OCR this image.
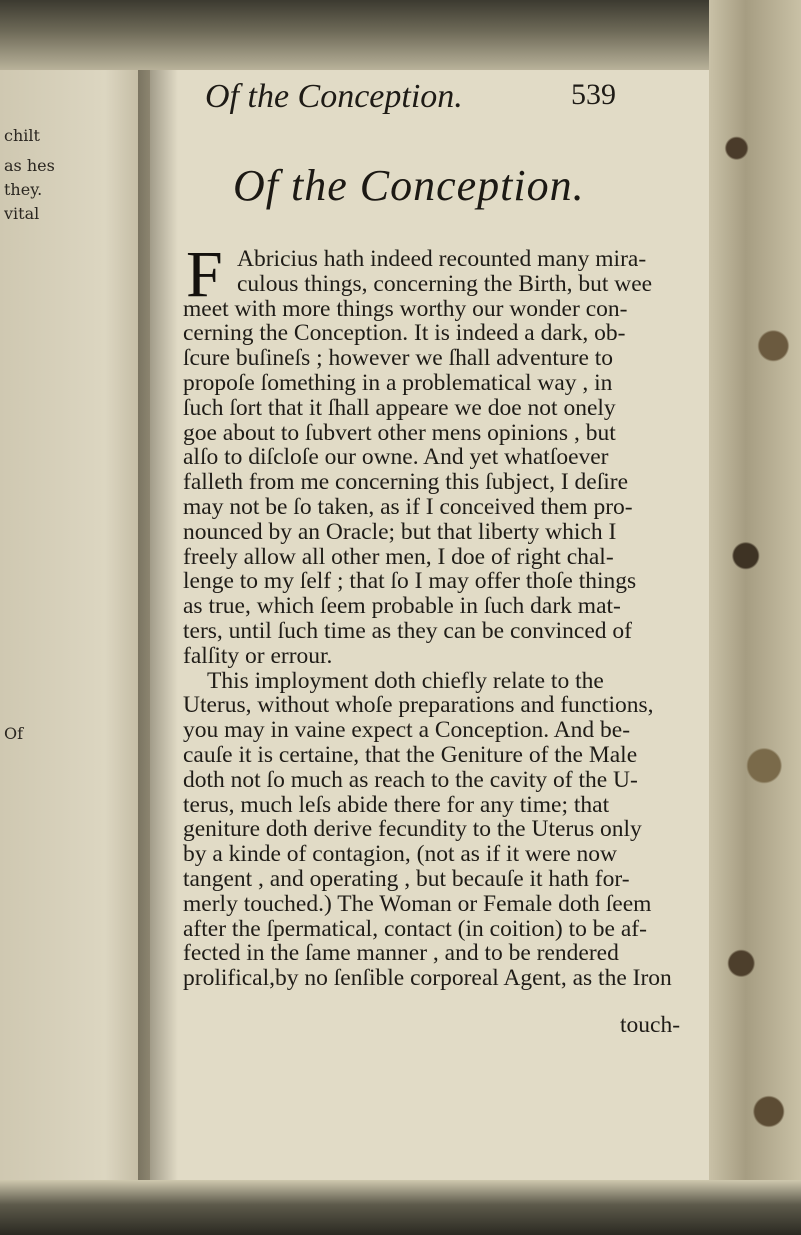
chilt
as hes
they.
vital
Of
Of the Conception.	539
Of the Conception.
F Abricius hath indeed recounted many mira-
culous things, concerning the Birth, but wee
meet with more things worthy our wonder con-
cerning the Conception. It is indeed a dark, ob-
ſcure buſineſs ; however we ſhall adventure to
propoſe ſomething in a problematical way , in
ſuch ſort that it ſhall appeare we doe not onely
goe about to ſubvert other mens opinions , but
alſo to diſcloſe our owne. And yet whatſoever
falleth from me concerning this ſubject, I deſire
may not be ſo taken, as if I conceived them pro-
nounced by an Oracle; but that liberty which I
freely allow all other men, I doe of right chal-
lenge to my ſelf ; that ſo I may offer thoſe things
as true, which ſeem probable in ſuch dark mat-
ters, until ſuch time as they can be convinced of
falſity or errour.
This imployment doth chiefly relate to the
Uterus, without whoſe preparations and functions,
you may in vaine expect a Conception. And be-
cauſe it is certaine, that the Geniture of the Male
doth not ſo much as reach to the cavity of the U-
terus, much leſs abide there for any time; that
geniture doth derive fecundity to the Uterus only
by a kinde of contagion, (not as if it were now
tangent , and operating , but becauſe it hath for-
merly touched.) The Woman or Female doth ſeem
after the ſpermatical, contact (in coition) to be af-
fected in the ſame manner , and to be rendered
prolifical,by no ſenſible corporeal Agent, as the Iron
touch-
